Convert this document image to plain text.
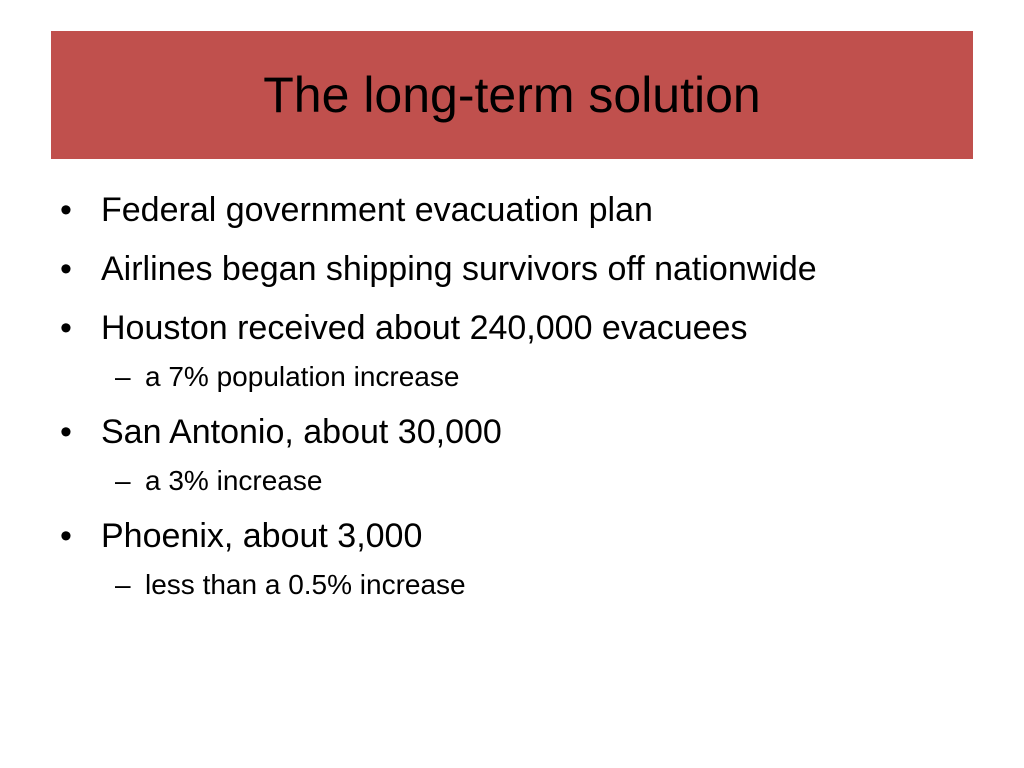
The long-term solution
• Federal government evacuation plan
• Airlines began shipping survivors off nationwide
• Houston received about 240,000 evacuees
– a 7% population increase
• San Antonio, about 30,000
– a 3% increase
• Phoenix, about 3,000
– less than a 0.5% increase
